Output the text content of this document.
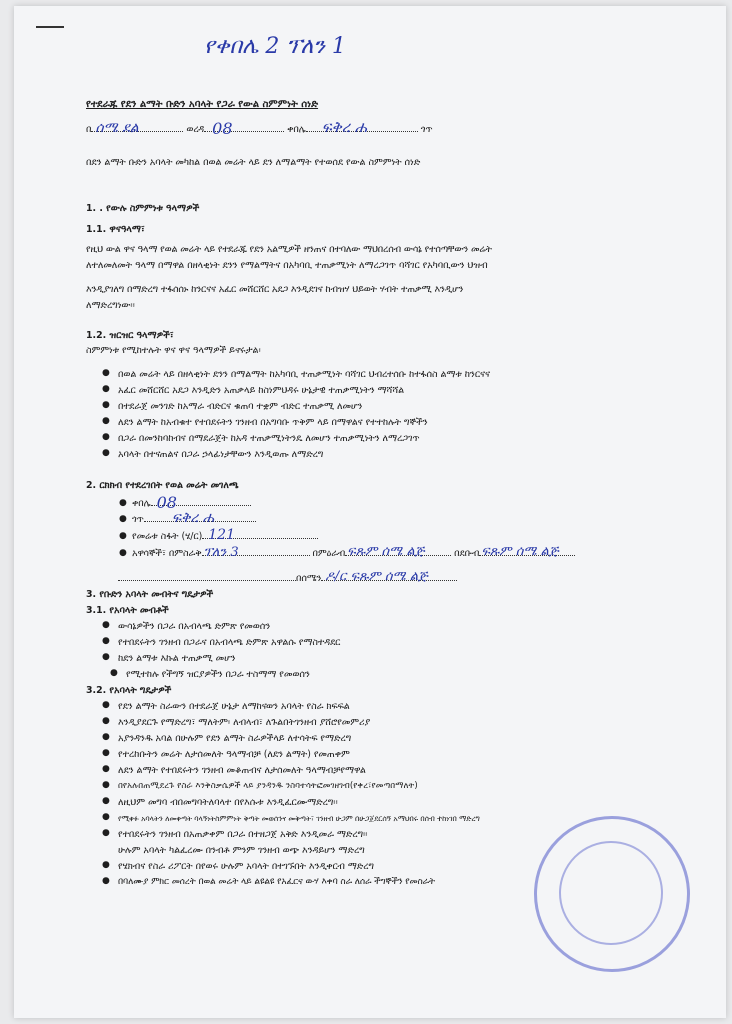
የቀበሌ 2 ፕለን 1
የተደራጁ የደን ልማት ቡድን አባላት የጋራ የውል ስምምነት ሰነድ
በ ሰሜ ደል	ወረዳ 08	ቀበሌ ፍቅረ ሐ	ጎጥ
በደን ልማት ቡድን አባላት መካከል በወል መሬት ላይ ደን ለማልማት የተወሰደ የውል ስምምነት ሰነድ
1. . የውሉ ስምምነቱ ዓላማዎች
1.1. ዋናዓላማ፣
የዚህ ውል ዋና ዓላማ የወል መሬት ላይ የተደራጁ የደን አልሚዎች ዘንጠና በተባለው ማህበረሰብ ውሳኔ የተሰጣቸውን መሬት
ለተለመለመት ዓላማ በማዋል በዘላቂነት ደንን የማልማትና በአካባቢ ተጠቃሚነት ለማረጋገጥ ባሻገር የአካባቢውን ህዝብ
እንዲያገለግ በማድረግ ተፋሰሰኑ ከንርናና አፈር መሸርሸር አደጋ እንዲደገና ከብዝሃ ህይወት ሃብት ተጠቃሚ እንዲሆን
ለማድረግነው፡፡
1.2. ዝርዝር ዓላማዎች፣
ስምምነቱ የሚከተሉት ዋና ዋና ዓላማዎች ይኖሩታል፡
● በወል መሬት ላይ በዘላቂነት ደንን በማልማት ከአካባቢ ተጠቃሚነት ባሻገር ህብረተሰቡ ከተፋሰስ ልማቱ ከንርናና
● አፈር መሸርሸር አደጋ እንዲድን አጠቃላይ ከስነምህዳሩ ሁኔታዊ ተጠቃሚነትን ማሻሻል
● በተደራጀ መንገድ ከአማራ ብድርና ቁጠባ ተቋም ብድር ተጠቃሚ ለመሆን
● ለደን ልማት ከአብቁተ የተበደሩትን ገንዘብ በአግባቡ ጥቅም ላይ በማዋልና የተተከሉት ግኞችን
● በጋራ በመንከባከብና በማደራጀት ከአዳ ተጠቃሚነትንዴ ለመሆን ተጠቃሚነትን ለማረጋገጥ
● አባላት በተናጠልና በጋራ ኃላፊነታቸውን እንዲወጡ ለማድረግ
2. ርክክብ የተደረገበት የወል መሬት መገለጫ
● ቀበሌ 08
● ጎጥ ፍቅረ ሐ
● የመሬቱ ስፋት (ሄ/ር) 121
● አዋሳኞች፣ በምስራቅ ፕለን 3	በምዕራብ ፍጹም ሰሜ ልጅ	በደቡብ ፍጹም ሰሜ ልጅ
በሰሜን ዶ/ር ፍጹም ሰሜ ልጅ
3. የቡድን አባላት መብትና ግዴታዎች
3.1. የአባላት መብቶች
● ውሳኔዎችን በጋራ በአብላጫ ድምጽ የመወሰን
● የተበደሩትን ገንዘብ በጋራና በአብላጫ ድምጽ አዋልሱ የማስተዳደር
● ከደን ልማቱ እኩል ተጠቃሚ መሆን
● የሚተከሉ የችግኝ ዝርያዎችን በጋራ ተስማማ የመወሰን
3.2. የአባላት ግዴታዎች
● የደን ልማት ስራውን በተደራጀ ሁኔታ ለማከናወን አባላት የስራ ክፍፍል
● እንዲያደርጉ የማድረግ፣ ማለትም፡ ለብላብ፣ ለጉልበትገንዘብ ያሸሮየመምሪያ
● አያንዳንዱ አባል በሁሉም የደን ልማት ስራዎችላይ ለተሳትፍ የማድረግ
● የተረከቡትን መሬት ለታሰመለት ዓላማብቻ (ለደን ልማት) የመጠቀም
● ለደን ልማት የተበደሩትን ገንዘብ መቆጠብና ለታሰመለት ዓላማብቻየማዋል
● በየአሉበጠሚደረጉ የስራ እንቅስቃሴዎች ላይ ያንዳንዱ ንስባተሳትፎመገዘገብ(የቀረ፣የመጣበማለት)
● ለዚህም መግባ ብበመግባትለባላተ በየእሱቱ እንዲፈርሙማድረግ፡፡
● የሚቀፉ አባላትን ለመቀጣት ባላኝነትስምምነት ቅጣት መወሰንና መቅጣት፣ ገንዘብ ሁጋም በሁጋጀደርሰኝ አማህበሩ በሰብ ተከነገበ ማድረግ
● የተበደሩትን ገንዘብ በአጠቃቀም በጋራ በተዘጋጀ አቅድ እንዲመራ ማድረግ፡፡
ሁሉም አባላት ካልፈረሙ በንብቶ ምንም ገንዘብ ወጭ እንዳይሆን ማድረግ
● የሄክብና የስራ ሪፖርት በየወሩ ሁሉም አባላት በተገኙበት እንዲቀርብ ማድረግ
● በባለሙያ ምክር መሰረት በወል መሬት ላይ ልዩልዩ የአፈርና ውሃ እቀባ ስራ ለሰራ ችግኞችን የመስራት
